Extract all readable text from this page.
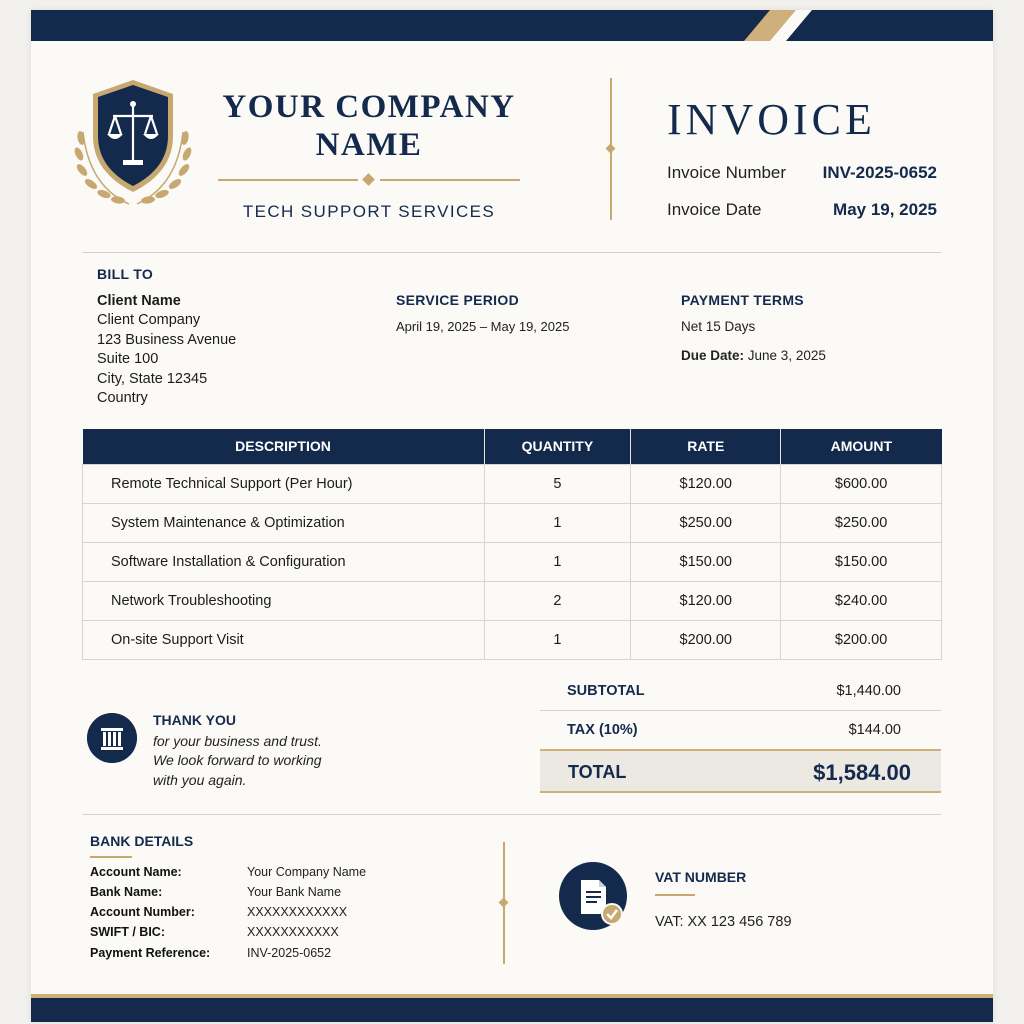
YOUR COMPANY NAME
TECH SUPPORT SERVICES
INVOICE
Invoice Number	INV-2025-0652
Invoice Date	May 19, 2025
BILL TO
Client Name
Client Company
123 Business Avenue
Suite 100
City, State 12345
Country
SERVICE PERIOD
April 19, 2025 – May 19, 2025
PAYMENT TERMS
Net 15 Days
Due Date: June 3, 2025
DESCRIPTION	QUANTITY	RATE	AMOUNT
Remote Technical Support (Per Hour)	5	$120.00	$600.00
System Maintenance & Optimization	1	$250.00	$250.00
Software Installation & Configuration	1	$150.00	$150.00
Network Troubleshooting	2	$120.00	$240.00
On-site Support Visit	1	$200.00	$200.00
THANK YOU
for your business and trust.
We look forward to working
with you again.
SUBTOTAL	$1,440.00
TAX (10%)	$144.00
TOTAL	$1,584.00
BANK DETAILS
Account Name:	Your Company Name
Bank Name:	Your Bank Name
Account Number:	XXXXXXXXXXXX
SWIFT / BIC:	XXXXXXXXXXX
Payment Reference:	INV-2025-0652
VAT NUMBER
VAT: XX 123 456 789
